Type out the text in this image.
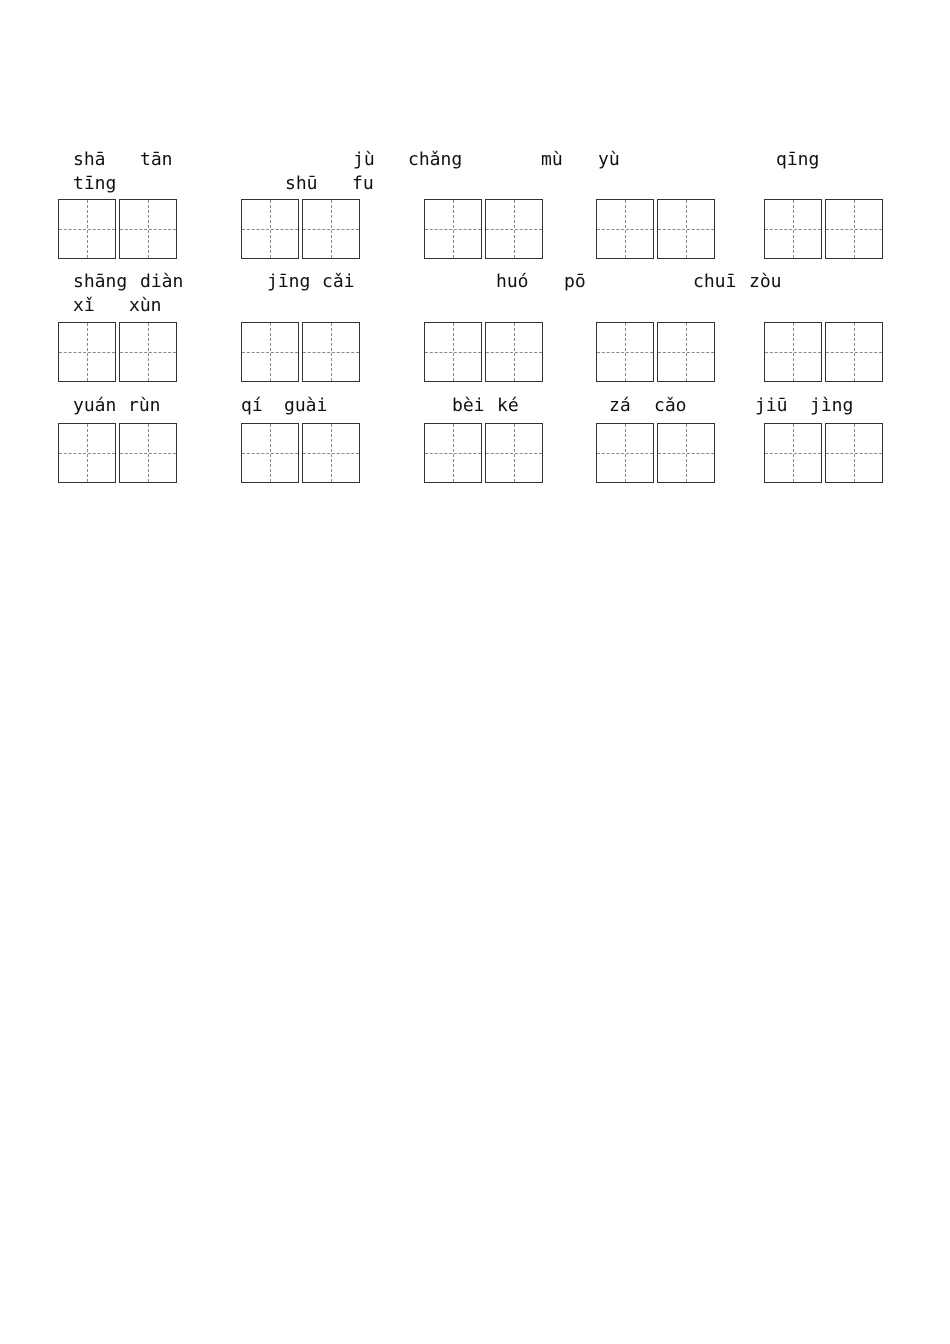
shā tān	jù chǎng	mù yù	qīng
tīng	shū fu
shāng diàn	jīng cǎi	huó pō	chuī zòu
xǐ xùn
yuán rùn	qí guài	bèi ké	zá cǎo	jiū jìng
